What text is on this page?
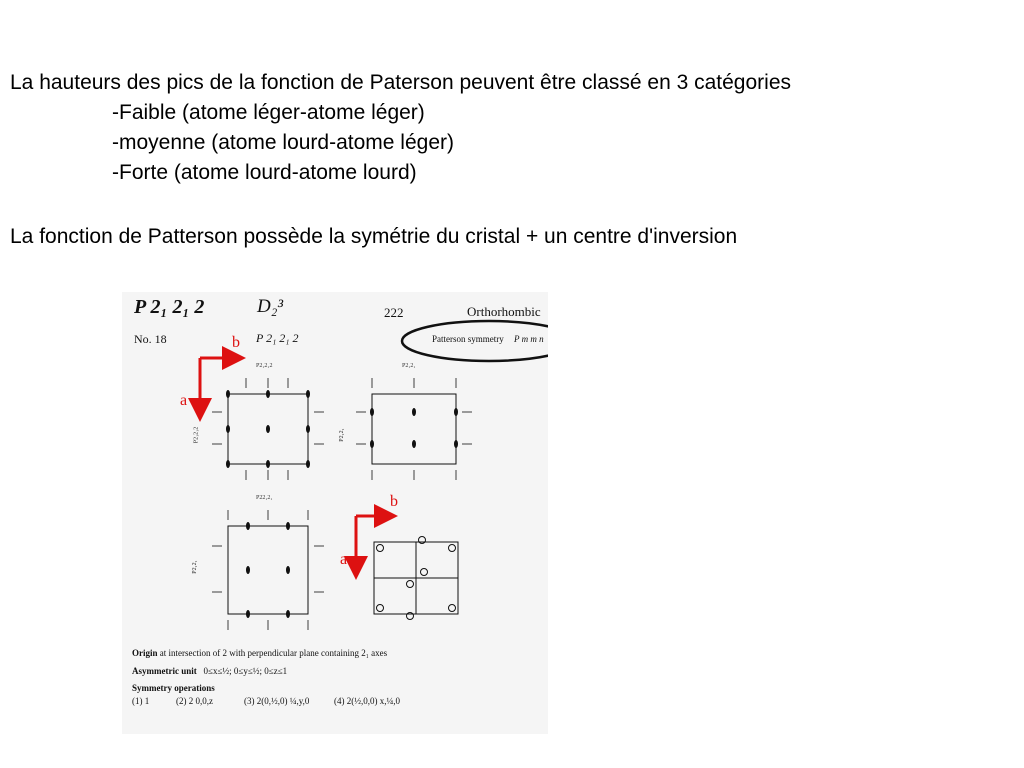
La hauteurs des pics de la fonction de Paterson peuvent être classé en 3 catégories
-Faible (atome léger-atome léger)
-moyenne (atome lourd-atome léger)
-Forte (atome lourd-atome lourd)
La fonction de Patterson possède la symétrie du cristal + un centre d'inversion
P 2₁ 2₁ 2	D₂³	222	Orthorhombic
No. 18	P 2₁ 2₁ 2	Patterson symmetry P m m n
P2₁2₁2
P2₁2₁2
P2₁2₁
P2₁2₁
P22₁2₁
P2₁2₁
b
a
b
a
Origin at intersection of 2 with perpendicular plane containing 2₁ axes
Asymmetric unit 0≤x≤½; 0≤y≤½; 0≤z≤1
Symmetry operations
(1) 1	(2) 2 0,0,z	(3) 2(0,½,0) ¼,y,0	(4) 2(½,0,0) x,¼,0
